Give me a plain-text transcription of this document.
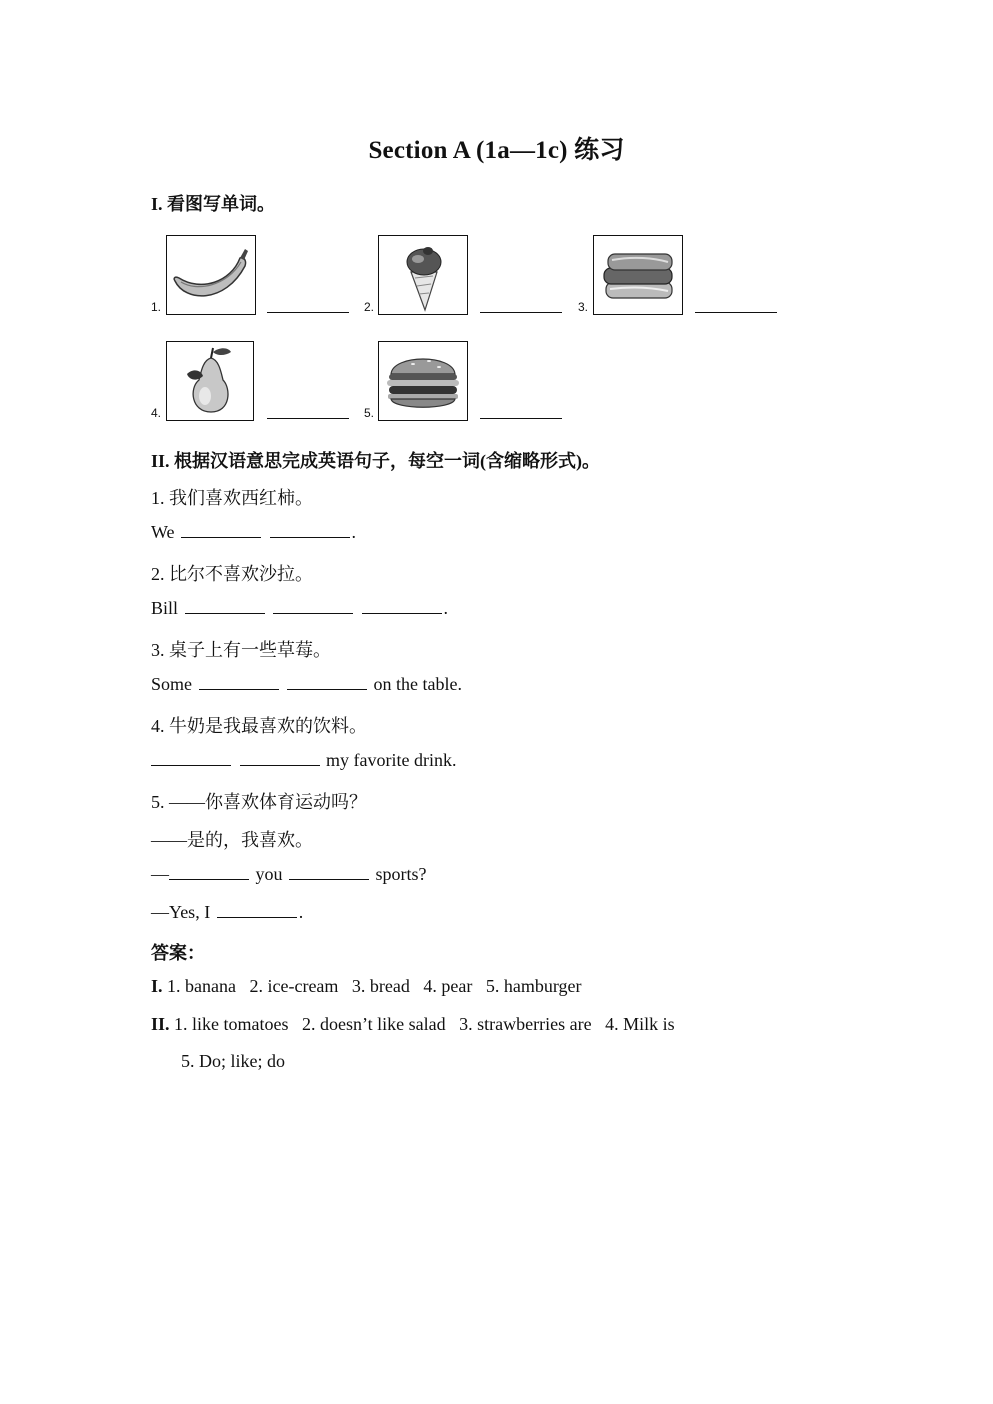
Section A (1a—1c) 练习
I. 看图写单词。
1.	2.	3.
4.	5.
II. 根据汉语意思完成英语句子，每空一词(含缩略形式)。
1. 我们喜欢西红柿。
We	.
2. 比尔不喜欢沙拉。
Bill	.
3. 桌子上有一些草莓。
Some	on the table.
4. 牛奶是我最喜欢的饮料。
my favorite drink.
5. ——你喜欢体育运动吗？
——是的，我喜欢。
—	you	sports?
—Yes, I	.
答案：
I. 1. banana   2. ice-cream   3. bread   4. pear   5. hamburger
II. 1. like tomatoes   2. doesn’t like salad   3. strawberries are   4. Milk is
5. Do; like; do
